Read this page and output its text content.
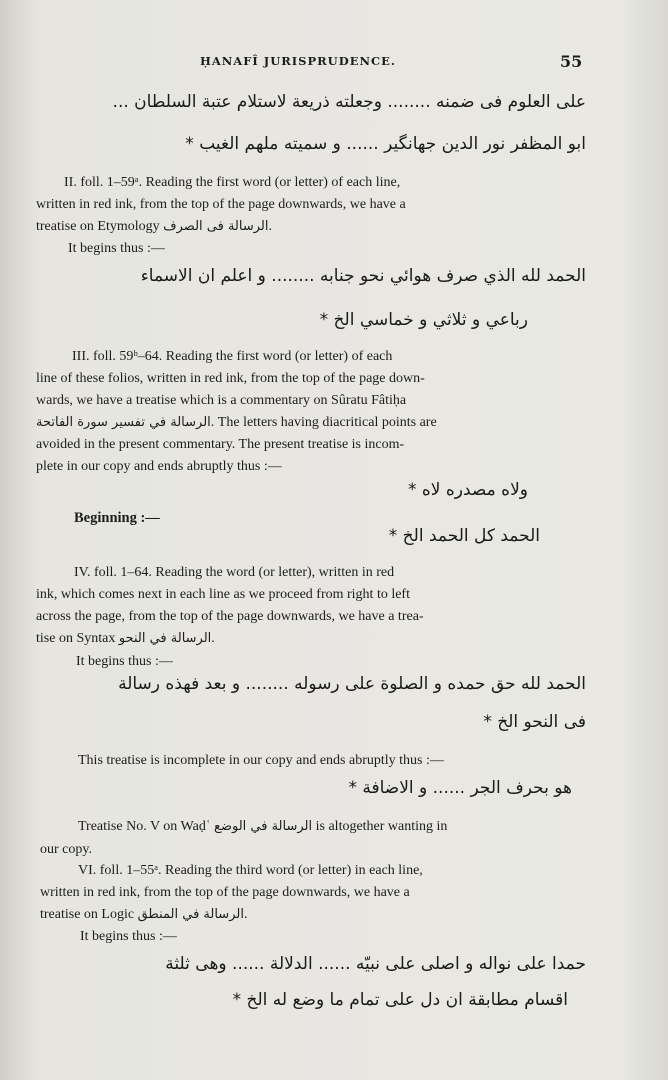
ḤANAFÎ JURISPRUDENCE.	55
على العلوم فى ضمنه ........ وجعلته ذريعة لاستلام عتبة السلطان ...
ابو المظفر نور الدين جهانگير ...... و سميته ملهم الغيب *
II. foll. 1–59ᵃ. Reading the first word (or letter) of each line,
written in red ink, from the top of the page downwards, we have a
treatise on Etymology الرسالة فى الصرف.
It begins thus :—
الحمد لله الذي صرف هوائي نحو جنابه ........ و اعلم ان الاسماء
رباعي و ثلاثي و خماسي الخ *
III. foll. 59ᵇ–64. Reading the first word (or letter) of each
line of these folios, written in red ink, from the top of the page down-
wards, we have a treatise which is a commentary on Sûratu Fâtiḥa
الرسالة في تفسير سورة الفاتحة. The letters having diacritical points are
avoided in the present commentary. The present treatise is incom-
plete in our copy and ends abruptly thus :—
ولاه مصدره لاه *
Beginning :—
الحمد كل الحمد الخ *
IV. foll. 1–64. Reading the word (or letter), written in red
ink, which comes next in each line as we proceed from right to left
across the page, from the top of the page downwards, we have a trea-
tise on Syntax الرسالة في النحو.
It begins thus :—
الحمد لله حق حمده و الصلوة على رسوله ........ و بعد فهذه رسالة
فى النحو الخ *
This treatise is incomplete in our copy and ends abruptly thus :—
هو بحرف الجر ...... و الاضافة *
Treatise No. V on Waḍʿ الرسالة في الوضع is altogether wanting in
our copy.
VI. foll. 1–55ᵃ. Reading the third word (or letter) in each line,
written in red ink, from the top of the page downwards, we have a
treatise on Logic الرسالة في المنطق.
It begins thus :—
حمدا على نواله و اصلى على نبيّه ...... الدلالة ...... وهى ثلثة
اقسام مطابقة ان دل على تمام ما وضع له الخ *
